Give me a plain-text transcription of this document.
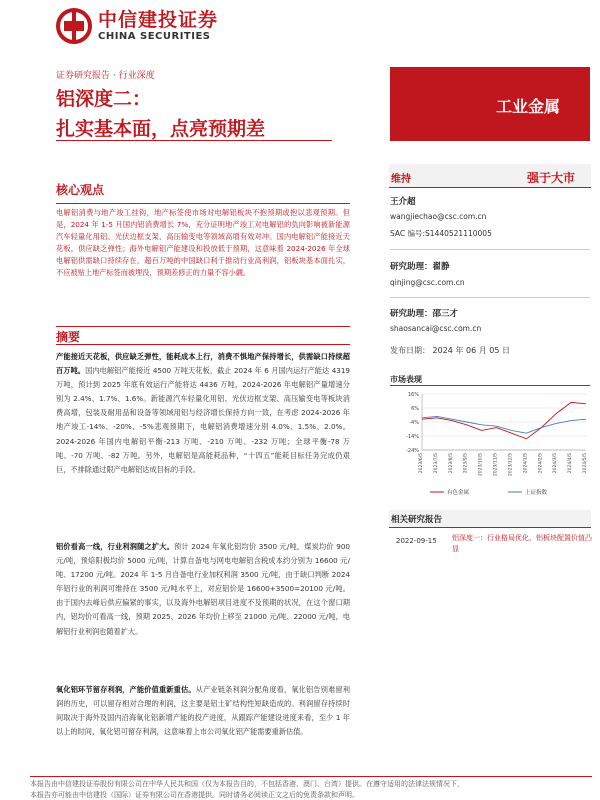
中信建投证券
CHINA SECURITIES
证券研究报告 · 行业深度
铝深度二：
扎实基本面，点亮预期差
工业金属
核心观点
电解铝消费与地产竣工挂钩，地产标签使市场对电解铝板块不抱预期或抱以悲观预期。但是，2024 年 1-5 月国内铝消费增长 7%，充分证明地产竣工对电解铝的负向影响被新能源汽车轻量化用铝、光伏边框支架、高压输变电等领域高增有效对冲。国内电解铝产能接近天花板，供应缺乏弹性；海外电解铝产能建设和投放低于预期，这意味着 2024-2026 年全球电解铝供需缺口持续存在，超百万吨的中国缺口利于推动行业高利润，铝板块基本面扎实，不应被贴上地产标签而被埋没，预期差修正的力量不容小觑。
摘要
产能接近天花板，供应缺乏弹性，能耗成本上行，消费不惧地产保持增长，供需缺口持续超百万吨。国内电解铝产能接近 4500 万吨天花板，截止 2024 年 6 月国内运行产能达 4319 万吨，预计到 2025 年底有效运行产能将达 4436 万吨，2024-2026 年电解铝产量增速分别为 2.4%、1.7%、1.6%。新能源汽车轻量化用铝、光伏边框支架、高压输变电等板块消费高增，包装及耐用品和设备等领域用铝与经济增长保持方向一致，在考虑 2024-2026 年地产竣工-14%、-20%、-5%悲观预期下，电解铝消费增速分别 4.0%、1.5%、2.0%。2024-2026 年国内电解铝平衡-213 万吨、-210 万吨、-232 万吨；全球平衡-78 万吨、-70 万吨、-82 万吨。另外，电解铝是高能耗品种，“十四五”能耗目标任务完成仍艰巨，不排除通过限产电解铝达成目标的手段。
铝价看高一线，行业利润随之扩大。预计 2024 年氧化铝均价 3500 元/吨，煤炭均价 900 元/吨，预焙阳极均价 5000 元/吨，计算自备电与网电电解铝含税成本约分别为 16600 元/吨、17200 元/吨。2024 年 1-5 月自备电行业加权利润 3500 元/吨，由于缺口判断 2024 年铝行业的利润可维持在 3500 元/吨水平上，对应铝价是 16600+3500=20100 元/吨。由于国内去峰后供应偏紧的事实，以及海外电解铝项目进度不及预期的状况，在这个窗口期内，铝均价可看高一线，预期 2025、2026 年均价上移至 21000 元/吨、22000 元/吨，电解铝行业利润也随着扩大。
氧化铝环节留存利润，产能价值重新重估。从产业链条利润分配角度看，氧化铝告别难留利润的历史，可以留存相对合理的利润，这主要是铝土矿结构性短缺造成的。利润留存持续时间取决于海外及国内沿海氧化铝新增产能的投产进度，从跟踪产能建设进度来看，至少 1 年以上的时间，氧化铝可留存利润，这意味着上市公司氧化铝产能需要重新估值。
维持	强于大市
王介超
wangjiechao@csc.com.cn
SAC 编号:S1440521110005
研究助理：翟静
qinjing@csc.com.cn
研究助理：邵三才
shaosancai@csc.com.cn
发布日期： 2024 年 06 月 05 日
市场表现
16%
6%
-4%
-14%
-24%
2023/6/5 2023/7/5 2023/8/5 2023/9/5 2023/10/5 2023/11/5 2023/12/5 2024/1/5 2024/2/5 2024/3/5 2024/4/5 2024/5/5
有色金属	上证指数
相关研究报告
2022-09-15 铝深度一：行业格局优化，铝板块配置价值凸显
本报告由中信建投证券股份有限公司在中华人民共和国（仅为本报告目的，不包括香港、澳门、台湾）提供。在遵守适用的法律法规情况下，
本报告亦可能由中信建投（国际）证券有限公司在香港提供。同时请务必阅读正文之后的免责条款和声明。
